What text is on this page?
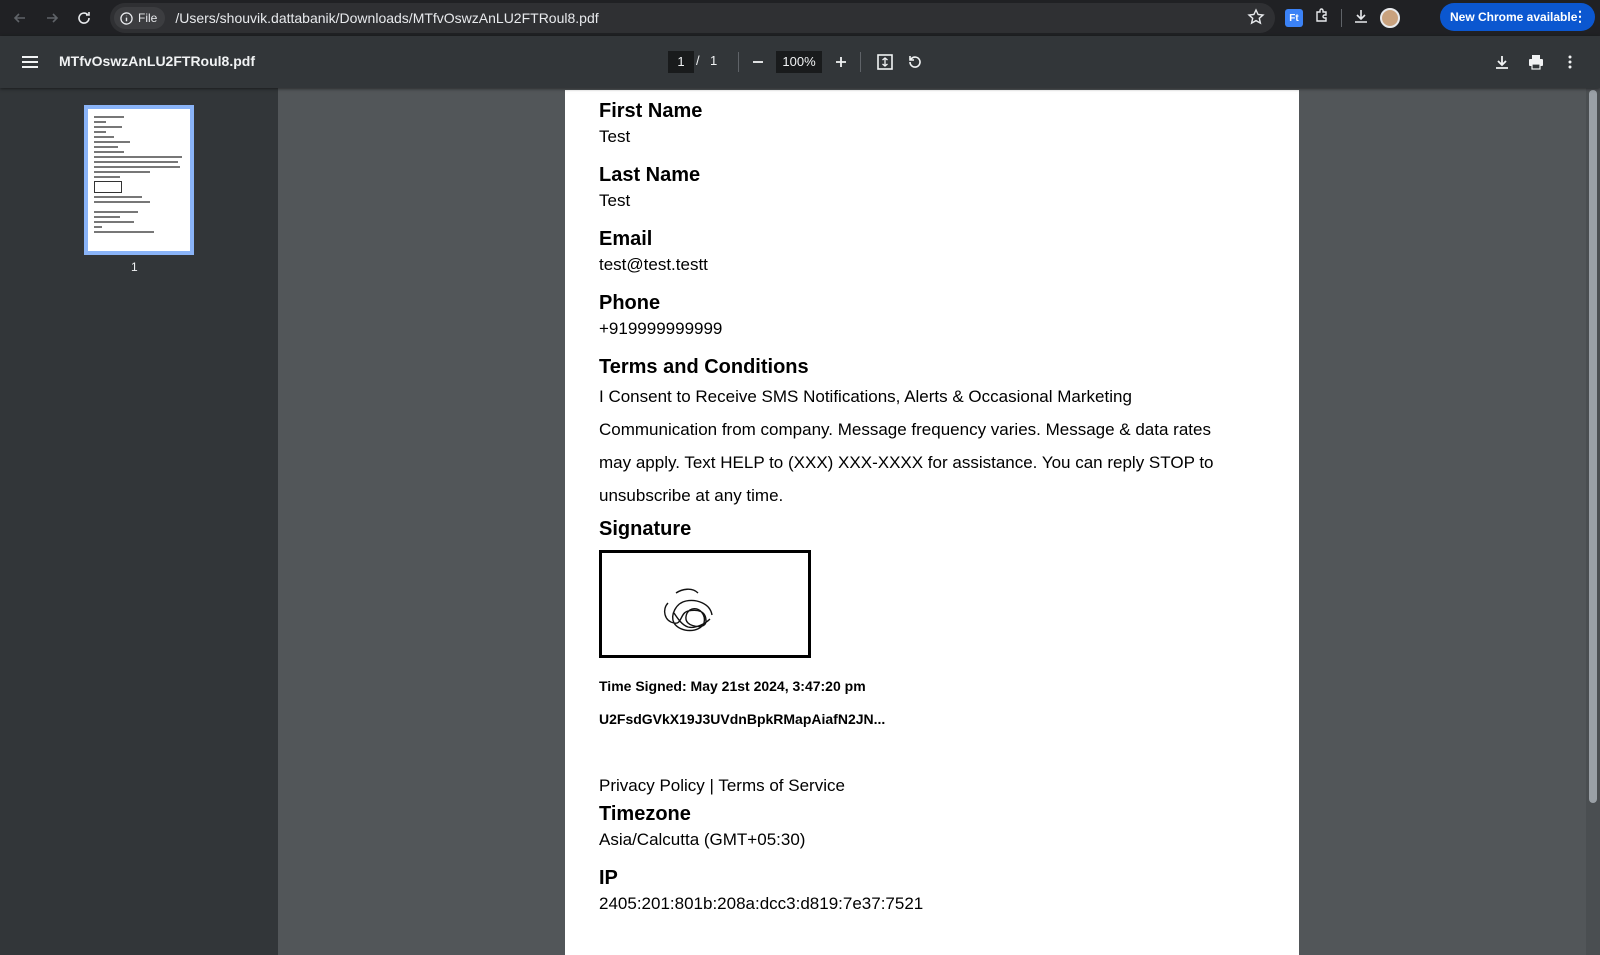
File /Users/shouvik.dattabanik/Downloads/MTfvOswzAnLU2FTRoul8.pdf	Ft	New Chrome available
⋮
MTfvOswzAnLU2FTRoul8.pdf	1 / 1	100%
1
First Name
Test
Last Name
Test
Email
test@test.testt
Phone
+919999999999
Terms and Conditions
I Consent to Receive SMS Notifications, Alerts & Occasional Marketing Communication from company. Message frequency varies. Message & data rates may apply. Text HELP to (XXX) XXX-XXXX for assistance. You can reply STOP to unsubscribe at any time.
Signature
Time Signed: May 21st 2024, 3:47:20 pm
U2FsdGVkX19J3UVdnBpkRMapAiafN2JN...
Privacy Policy | Terms of Service
Timezone
Asia/Calcutta (GMT+05:30)
IP
2405:201:801b:208a:dcc3:d819:7e37:7521
